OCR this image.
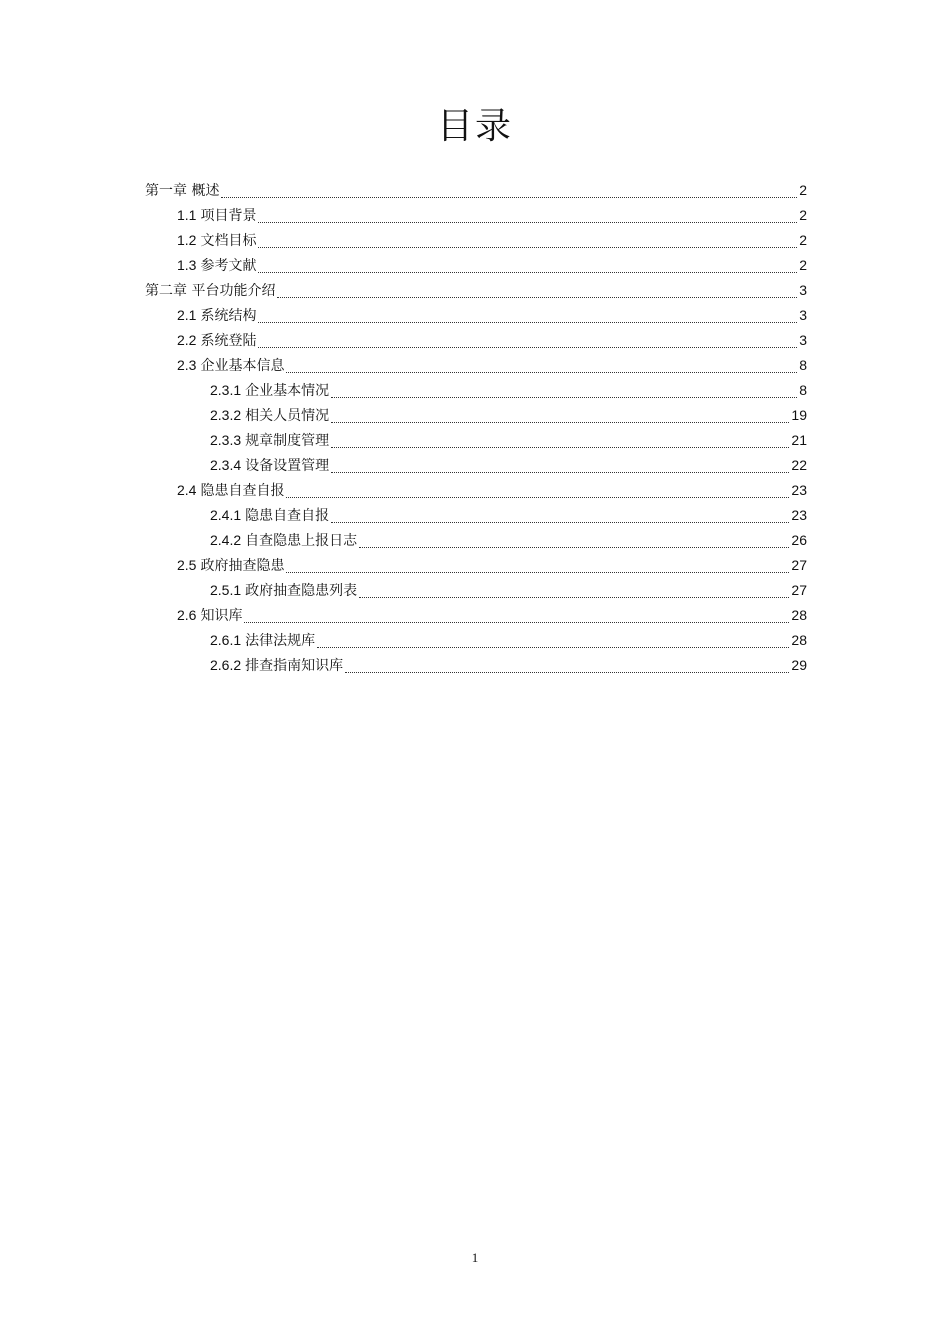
目录
第一章 概述	2
1.1 项目背景	2
1.2 文档目标	2
1.3 参考文献	2
第二章 平台功能介绍	3
2.1 系统结构	3
2.2 系统登陆	3
2.3 企业基本信息	8
2.3.1 企业基本情况	8
2.3.2 相关人员情况	19
2.3.3 规章制度管理	21
2.3.4 设备设置管理	22
2.4 隐患自查自报	23
2.4.1 隐患自查自报	23
2.4.2 自查隐患上报日志	26
2.5 政府抽查隐患	27
2.5.1 政府抽查隐患列表	27
2.6 知识库	28
2.6.1 法律法规库	28
2.6.2 排查指南知识库	29
1
